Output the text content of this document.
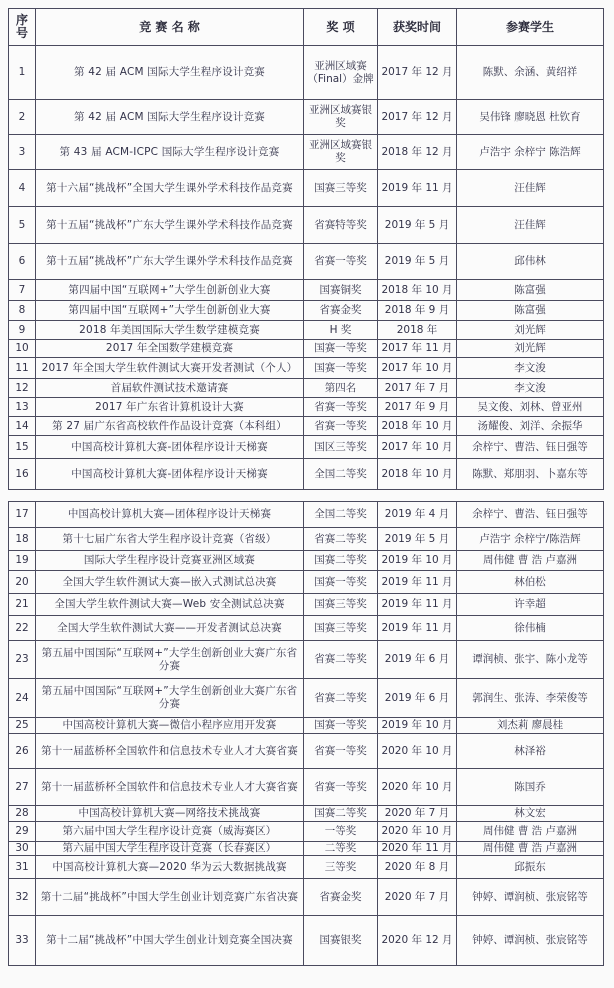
序号	竞 赛 名 称	奖 项	获奖时间	参赛学生
1	第 42 届 ACM 国际大学生程序设计竞赛	亚洲区域赛（Final）金牌	2017 年 12 月	陈默、余涵、黄绍祥
2	第 42 届 ACM 国际大学生程序设计竞赛	亚洲区域赛银奖	2017 年 12 月	吴伟锋 廖晓恩 杜钦育
3	第 43 届 ACM-ICPC 国际大学生程序设计竞赛	亚洲区域赛银奖	2018 年 12 月	卢浩宇 余梓宁 陈浩辉
4	第十六届“挑战杯”全国大学生课外学术科技作品竞赛	国赛三等奖	2019 年 11 月	汪佳辉
5	第十五届“挑战杯”广东大学生课外学术科技作品竞赛	省赛特等奖	2019 年 5 月	汪佳辉
6	第十五届“挑战杯”广东大学生课外学术科技作品竞赛	省赛一等奖	2019 年 5 月	邱伟林
7	第四届中国“互联网+”大学生创新创业大赛	国赛铜奖	2018 年 10 月	陈富强
8	第四届中国“互联网+”大学生创新创业大赛	省赛金奖	2018 年 9 月	陈富强
9	2018 年美国国际大学生数学建模竞赛	H 奖	2018 年	刘光辉
10	2017 年全国数学建模竞赛	国赛一等奖	2017 年 11 月	刘光辉
11	2017 年全国大学生软件测试大赛开发者测试（个人）	国赛一等奖	2017 年 10 月	李文浚
12	首届软件测试技术邀请赛	第四名	2017 年 7 月	李文浚
13	2017 年广东省计算机设计大赛	省赛一等奖	2017 年 9 月	吴文俊、刘林、曾亚州
14	第 27 届广东省高校软件作品设计竞赛（本科组）	省赛一等奖	2018 年 10 月	汤耀俊、刘洋、余振华
15	中国高校计算机大赛-团体程序设计天梯赛	国区三等奖	2017 年 10 月	余梓宁、曹浩、钰日强等
16	中国高校计算机大赛-团体程序设计天梯赛	全国二等奖	2018 年 10 月	陈默、郑朋羽、卜嘉东等
17	中国高校计算机大赛—团体程序设计天梯赛	全国二等奖	2019 年 4 月	余梓宁、曹浩、钰日强等
18	第十七届广东省大学生程序设计竞赛（省级）	省赛二等奖	2019 年 5 月	卢浩宇 余梓宁/陈浩辉
19	国际大学生程序设计竞赛亚洲区域赛	国赛二等奖	2019 年 10 月	周伟健 曹 浩 卢嘉洲
20	全国大学生软件测试大赛—嵌入式测试总决赛	国赛一等奖	2019 年 11 月	林伯松
21	全国大学生软件测试大赛—Web 安全测试总决赛	国赛三等奖	2019 年 11 月	许幸超
22	全国大学生软件测试大赛——开发者测试总决赛	国赛三等奖	2019 年 11 月	徐伟楠
23	第五届中国国际“互联网+”大学生创新创业大赛广东省分赛	省赛二等奖	2019 年 6 月	谭润桢、张宇、陈小龙等
24	第五届中国国际“互联网+”大学生创新创业大赛广东省分赛	省赛二等奖	2019 年 6 月	郭润生、张涛、李荣俊等
25	中国高校计算机大赛—微信小程序应用开发赛	国赛一等奖	2019 年 10 月	刘杰莉 廖晨桂
26	第十一届蓝桥杯全国软件和信息技术专业人才大赛省赛	省赛一等奖	2020 年 10 月	林泽裕
27	第十一届蓝桥杯全国软件和信息技术专业人才大赛省赛	省赛一等奖	2020 年 10 月	陈国乔
28	中国高校计算机大赛—网络技术挑战赛	国赛二等奖	2020 年 7 月	林文宏
29	第六届中国大学生程序设计竞赛（威海赛区）	一等奖	2020 年 10 月	周伟健 曹 浩 卢嘉洲
30	第六届中国大学生程序设计竞赛（长春赛区）	二等奖	2020 年 11 月	周伟健 曹 浩 卢嘉洲
31	中国高校计算机大赛—2020 华为云大数据挑战赛	三等奖	2020 年 8 月	邱振东
32	第十二届“挑战杯”中国大学生创业计划竞赛广东省决赛	省赛金奖	2020 年 7 月	钟婷、谭润桢、张宸铭等
33	第十二届“挑战杯”中国大学生创业计划竞赛全国决赛	国赛银奖	2020 年 12 月	钟婷、谭润桢、张宸铭等
